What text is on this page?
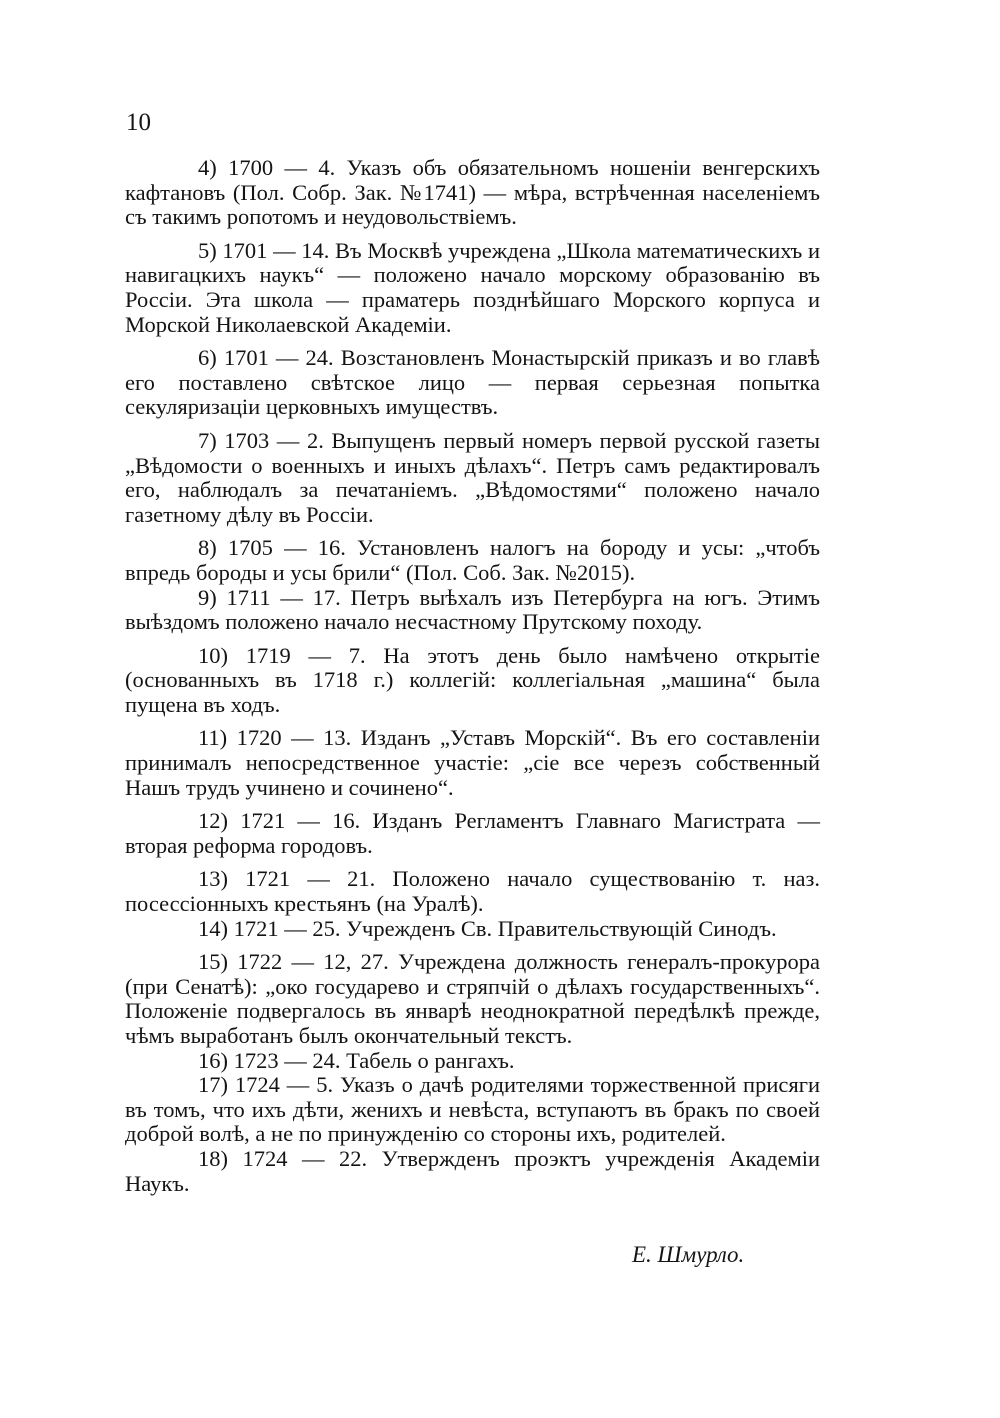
10

4) 1700 — 4. Указъ объ обязательномъ ношеніи венгерскихъ кафтановъ (Пол. Собр. Зак. №1741) — мѣра, встрѣченная населеніемъ съ такимъ ропотомъ и неудовольствіемъ.

5) 1701 — 14. Въ Москвѣ учреждена „Школа математическихъ и навигацкихъ наукъ“ — положено начало морскому образованію въ Россіи. Эта школа — праматерь позднѣйшаго Морского корпуса и Морской Николаевской Академіи.

6) 1701 — 24. Возстановленъ Монастырскій приказъ и во главѣ его поставлено свѣтское лицо — первая серьезная попытка секуляризаціи церковныхъ имуществъ.

7) 1703 — 2. Выпущенъ первый номеръ первой русской газеты „Вѣдомости о военныхъ и иныхъ дѣлахъ“. Петръ самъ редактировалъ его, наблюдалъ за печатаніемъ. „Вѣдомостями“ положено начало газетному дѣлу въ Россіи.

8) 1705 — 16. Установленъ налогъ на бороду и усы: „чтобъ впредь бороды и усы брили“ (Пол. Соб. Зак. №2015).

9) 1711 — 17. Петръ выѣхалъ изъ Петербурга на югъ. Этимъ выѣздомъ положено начало несчастному Прутскому походу.

10) 1719 — 7. На этотъ день было намѣчено открытіе (основанныхъ въ 1718 г.) коллегій: коллегіальная „машина“ была пущена въ ходъ.

11) 1720 — 13. Изданъ „Уставъ Морскій“. Въ его составленіи принималъ непосредственное участіе: „сіе все черезъ собственный Нашъ трудъ учинено и сочинено“.

12) 1721 — 16. Изданъ Регламентъ Главнаго Магистрата — вторая реформа городовъ.

13) 1721 — 21. Положено начало существованію т. наз. посессіонныхъ крестьянъ (на Уралѣ).

14) 1721 — 25. Учрежденъ Св. Правительствующій Синодъ.

15) 1722 — 12, 27. Учреждена должность генералъ-прокурора (при Сенатѣ): „око государево и стряпчій о дѣлахъ государственныхъ“. Положеніе подвергалось въ январѣ неоднократной передѣлкѣ прежде, чѣмъ выработанъ былъ окончательный текстъ.

16) 1723 — 24. Табель о рангахъ.

17) 1724 — 5. Указъ о дачѣ родителями торжественной присяги въ томъ, что ихъ дѣти, женихъ и невѣста, вступаютъ въ бракъ по своей доброй волѣ, а не по принужденію со стороны ихъ, родителей.

18) 1724 — 22. Утвержденъ проэктъ учрежденія Академіи Наукъ.

Е. Шмурло.
